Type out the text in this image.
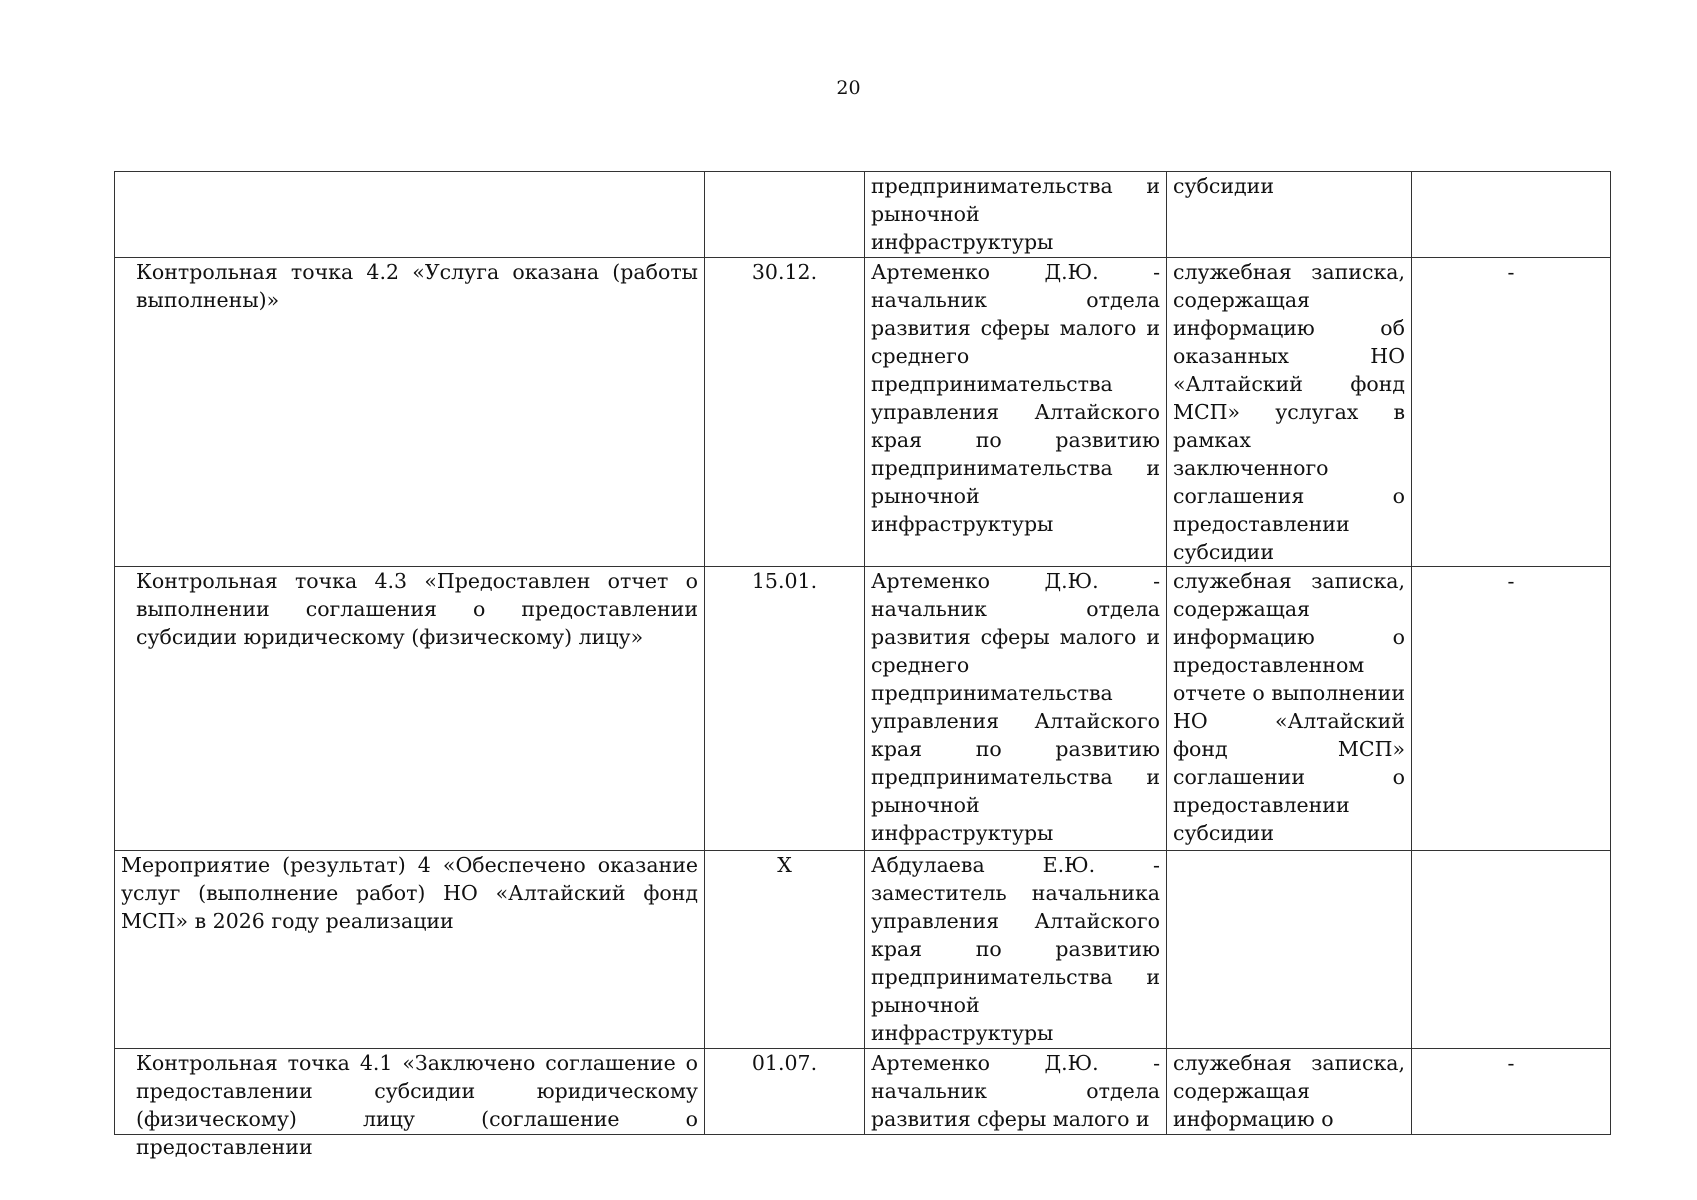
20

		предпринимательства и рыночной инфраструктуры	субсидии	

Контрольная точка 4.2 «Услуга оказана (работы выполнены)»	30.12.	Артеменко Д.Ю. - начальник отдела развития сферы малого и среднего предпринимательства управления Алтайского края по развитию предпринимательства и рыночной инфраструктуры	служебная записка, содержащая информацию об оказанных НО «Алтайский фонд МСП» услугах в рамках заключенного соглашения о предоставлении субсидии	-

Контрольная точка 4.3 «Предоставлен отчет о выполнении соглашения о предоставлении субсидии юридическому (физическому) лицу»	15.01.	Артеменко Д.Ю. - начальник отдела развития сферы малого и среднего предпринимательства управления Алтайского края по развитию предпринимательства и рыночной инфраструктуры	служебная записка, содержащая информацию о предоставленном отчете о выполнении НО «Алтайский фонд МСП» соглашении о предоставлении субсидии	-

Мероприятие (результат) 4 «Обеспечено оказание услуг (выполнение работ) НО «Алтайский фонд МСП» в 2026 году реализации	Х	Абдулаева Е.Ю. - заместитель начальника управления Алтайского края по развитию предпринимательства и рыночной инфраструктуры		

Контрольная точка 4.1 «Заключено соглашение о предоставлении субсидии юридическому (физическому) лицу (соглашение о предоставлении	01.07.	Артеменко Д.Ю. - начальник отдела развития сферы малого и	служебная записка, содержащая информацию о	-
